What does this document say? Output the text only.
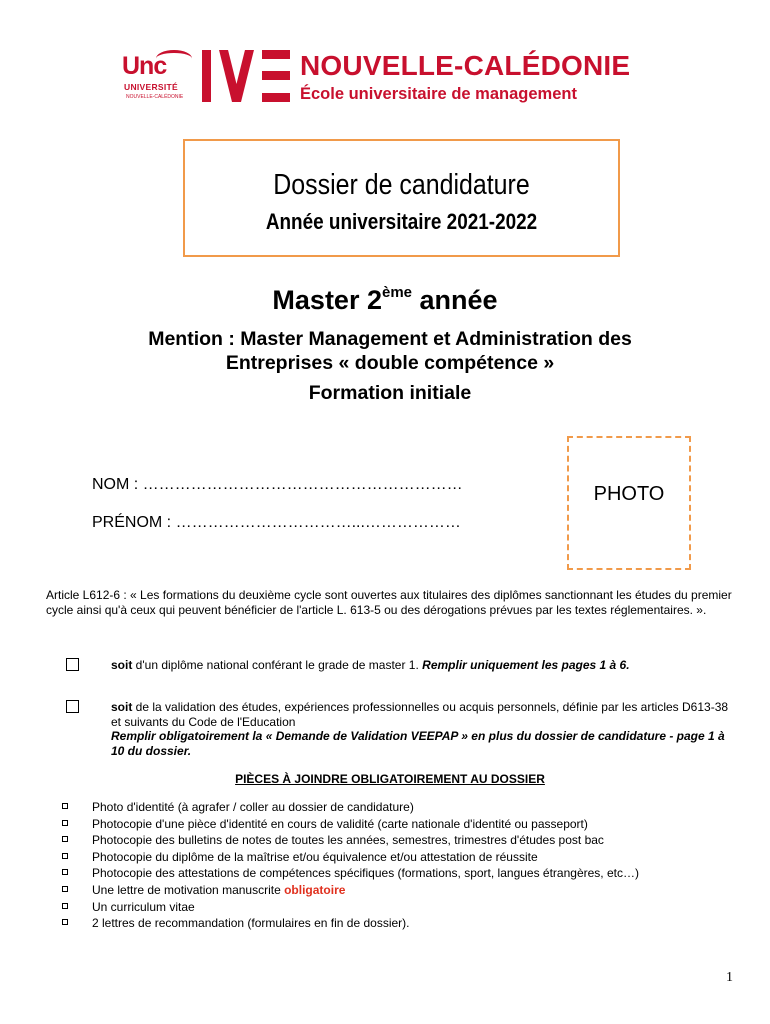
Unc
UNIVERSITÉ
NOUVELLE-CALÉDONIE
NOUVELLE-CALÉDONIE
École universitaire de management
Dossier de candidature
Année universitaire 2021-2022
Master 2ème année
Mention : Master Management et Administration des
Entreprises « double compétence »
Formation initiale
NOM : ……………………………………………………
PRÉNOM : ……………………………...………………
PHOTO
Article L612-6 : « Les formations du deuxième cycle sont ouvertes aux titulaires des diplômes sanctionnant les études du premier cycle ainsi qu'à ceux qui peuvent bénéficier de l'article L. 613-5 ou des dérogations prévues par les textes réglementaires. ».
soit d'un diplôme national conférant le grade de master 1. Remplir uniquement les pages 1 à 6.
soit de la validation des études, expériences professionnelles ou acquis personnels, définie par les articles D613-38 et suivants du Code de l'Education
Remplir obligatoirement la « Demande de Validation VEEPAP » en plus du dossier de candidature - page 1 à 10 du dossier.
PIÈCES À JOINDRE OBLIGATOIREMENT AU DOSSIER
Photo d'identité (à agrafer / coller au dossier de candidature)
Photocopie d'une pièce d'identité en cours de validité (carte nationale d'identité ou passeport)
Photocopie des bulletins de notes de toutes les années, semestres, trimestres d'études post bac
Photocopie du diplôme de la maîtrise et/ou équivalence et/ou attestation de réussite
Photocopie des attestations de compétences spécifiques (formations, sport, langues étrangères, etc…)
Une lettre de motivation manuscrite obligatoire
Un curriculum vitae
2 lettres de recommandation (formulaires en fin de dossier).
1
